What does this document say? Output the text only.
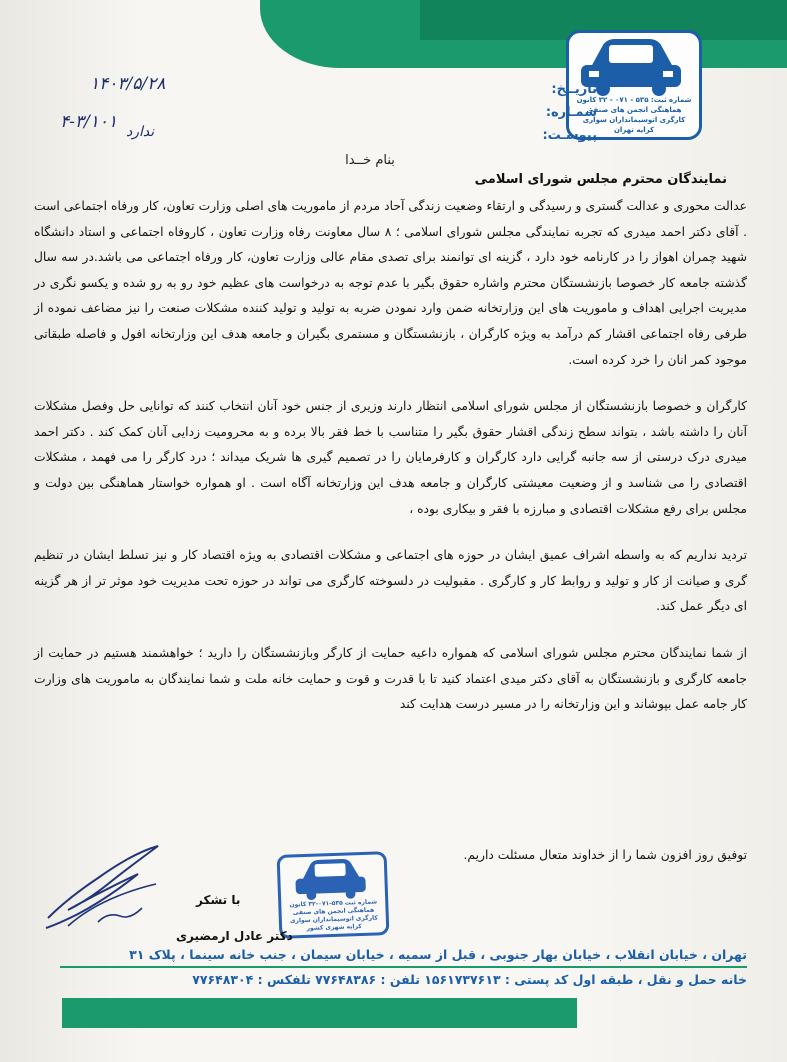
شماره ثبت: ۵۳۵ - ۰۷۱ - ۳۲ کانون هماهنگی انجمن های صنفی کارگری اتوسیمانداران سواری کرایه تهران
تاریــخ:
شمـاره:
پیوسـت:
۱۴۰۳/۵/۲۸
۴-۳/۱۰۱ ندارد
بنام خــدا
نمایندگان محترم مجلس شورای اسلامی

عدالت محوری و عدالت گستری و رسیدگی و ارتقاء وضعیت زندگی آحاد مردم از ماموریت های اصلی وزارت تعاون، کار ورفاه اجتماعی است . آقای دکتر احمد میدری که تجربه نمایندگی مجلس شورای اسلامی ؛ ۸ سال معاونت رفاه وزارت تعاون ، کاروفاه اجتماعی و استاد دانشگاه شهید چمران اهواز را در کارنامه خود دارد ، گزینه ای توانمند برای تصدی مقام عالی وزارت تعاون، کار ورفاه اجتماعی می باشد.در سه سال گذشته جامعه کار خصوصا بازنشستگان محترم واشاره حقوق بگیر با عدم توجه به درخواست های عظیم خود رو به رو شده و یکسو نگری در مدیریت اجرایی اهداف و ماموریت های این وزارتخانه ضمن وارد نمودن ضربه به تولید و تولید کننده مشکلات صنعت را نیز مضاعف نموده از طرفی رفاه اجتماعی اقشار کم درآمد به ویژه کارگران ، بازنشستگان و مستمری بگیران و جامعه هدف این وزارتخانه افول و فاصله طبقاتی موجود کمر انان را خرد کرده است.

کارگران و خصوصا بازنشستگان از مجلس شورای اسلامی انتظار دارند وزیری از جنس خود آنان انتخاب کنند که توانایی حل وفصل مشکلات آنان را داشته باشد ، بتواند سطح زندگی اقشار حقوق بگیر را متناسب با خط فقر بالا برده و به محرومیت زدایی آنان کمک کند . دکتر احمد میدری درک درستی از سه جانبه گرایی دارد کارگران و کارفرمایان را در تصمیم گیری ها شریک میداند ؛ درد کارگر را می فهمد ، مشکلات اقتصادی را می شناسد و از وضعیت معیشتی کارگران و جامعه هدف این وزارتخانه آگاه است . او همواره خواستار هماهنگی بین دولت و مجلس برای رفع مشکلات اقتصادی و مبارزه با فقر و بیکاری بوده ،

تردید نداریم که به واسطه اشراف عمیق ایشان در حوزه های اجتماعی و مشکلات اقتصادی به ویژه اقتصاد کار و نیز تسلط ایشان در تنظیم گری و صیانت از کار و تولید و روابط کار و کارگری . مقبولیت در دلسوخته کارگری می تواند در حوزه تحت مدیریت خود موثر تر از هر گزینه ای دیگر عمل کند.

از شما نمایندگان محترم مجلس شورای اسلامی که همواره داعیه حمایت از کارگر وبازنشستگان را دارید ؛ خواهشمند هستیم در حمایت از جامعه کارگری و بازنشستگان به آقای دکتر میدی اعتماد کنید تا با قدرت و قوت و حمایت خانه ملت و شما نمایندگان به ماموریت های وزارت کار جامه عمل بپوشاند و این وزارتخانه را در مسیر درست هدایت کند

توفیق روز افزون شما را از خداوند متعال مسئلت داریم.
شماره ثبت ۵۳۵-۰۷۱-۳۲ کانون هماهنگی انجمن های صنفی کارگری اتوسیمانداران سواری کرایه شهری کشور
با تشکر
دکتر عادل ارمضیری
تهران ، خیابان انقلاب ، خیابان بهار جنوبی ، قبل از سمیه ، خیابان سیمان ، جنب خانه سینما ، پلاک ۳۱
خانه حمل و نقل ، طبقه اول کد پستی : ۱۵۶۱۷۳۷۶۱۳ تلفن : ۷۷۶۴۸۳۸۶ تلفکس : ۷۷۶۴۸۳۰۴
